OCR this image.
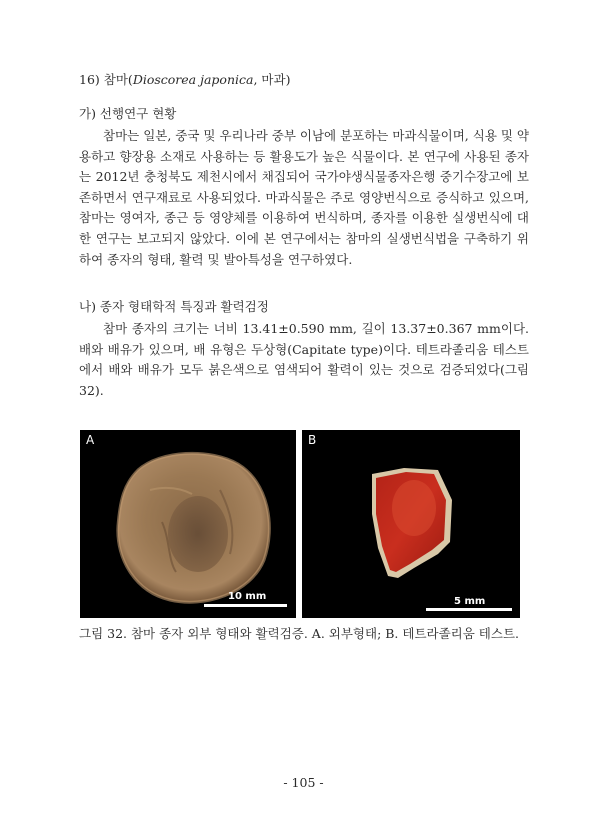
16) 참마(Dioscorea japonica, 마과)
가) 선행연구 현황

참마는 일본, 중국 및 우리나라 중부 이남에 분포하는 마과식물이며, 식용 및 약용하고 향장용 소재로 사용하는 등 활용도가 높은 식물이다. 본 연구에 사용된 종자는 2012년 충청북도 제천시에서 채집되어 국가야생식물종자은행 중기수장고에 보존하면서 연구재료로 사용되었다. 마과식물은 주로 영양번식으로 증식하고 있으며, 참마는 영여자, 종근 등 영양체를 이용하여 번식하며, 종자를 이용한 실생번식에 대한 연구는 보고되지 않았다. 이에 본 연구에서는 참마의 실생번식법을 구축하기 위하여 종자의 형태, 활력 및 발아특성을 연구하였다.

나) 종자 형태학적 특징과 활력검정

참마 종자의 크기는 너비 13.41±0.590 mm, 길이 13.37±0.367 mm이다. 배와 배유가 있으며, 배 유형은 두상형(Capitate type)이다. 테트라졸리움 테스트에서 배와 배유가 모두 붉은색으로 염색되어 활력이 있는 것으로 검증되었다(그림 32).

A
10 mm
B
5 mm
그림 32. 참마 종자 외부 형태와 활력검증. A. 외부형태; B. 테트라졸리움 테스트.
- 105 -
